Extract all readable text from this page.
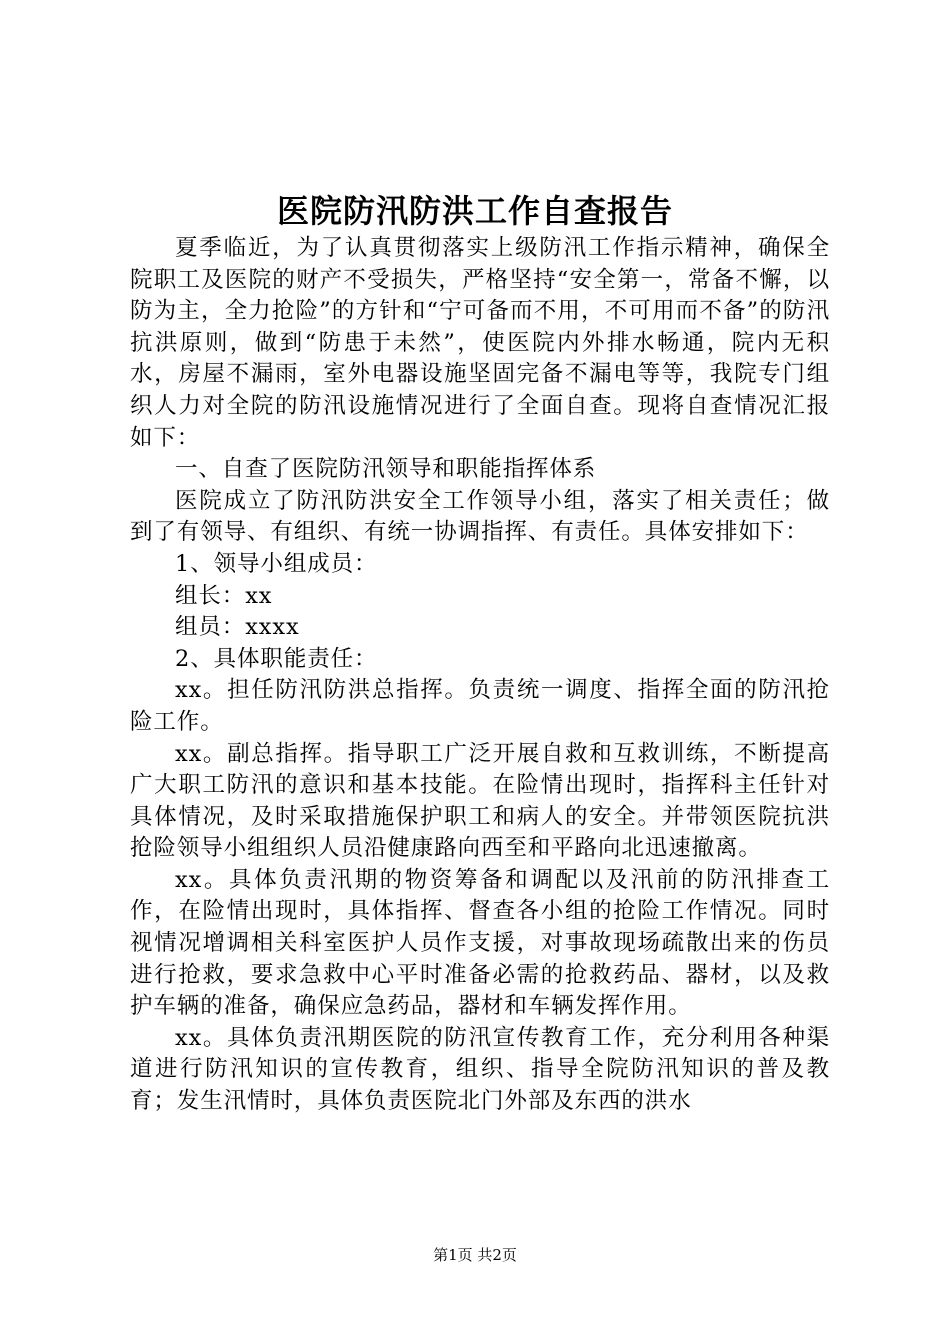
医院防汛防洪工作自查报告

夏季临近，为了认真贯彻落实上级防汛工作指示精神，确保全院职工及医院的财产不受损失，严格坚持“安全第一，常备不懈，以防为主，全力抢险”的方针和“宁可备而不用，不可用而不备”的防汛抗洪原则，做到“防患于未然”，使医院内外排水畅通，院内无积水，房屋不漏雨，室外电器设施坚固完备不漏电等等，我院专门组织人力对全院的防汛设施情况进行了全面自查。现将自查情况汇报如下：

一、自查了医院防汛领导和职能指挥体系

医院成立了防汛防洪安全工作领导小组，落实了相关责任；做到了有领导、有组织、有统一协调指挥、有责任。具体安排如下：

1、领导小组成员：

组长：xx

组员：xxxx

2、具体职能责任：

xx。担任防汛防洪总指挥。负责统一调度、指挥全面的防汛抢险工作。

xx。副总指挥。指导职工广泛开展自救和互救训练，不断提高广大职工防汛的意识和基本技能。在险情出现时，指挥科主任针对具体情况，及时采取措施保护职工和病人的安全。并带领医院抗洪抢险领导小组组织人员沿健康路向西至和平路向北迅速撤离。

xx。具体负责汛期的物资筹备和调配以及汛前的防汛排查工作，在险情出现时，具体指挥、督查各小组的抢险工作情况。同时视情况增调相关科室医护人员作支援，对事故现场疏散出来的伤员进行抢救，要求急救中心平时准备必需的抢救药品、器材，以及救护车辆的准备，确保应急药品，器材和车辆发挥作用。

xx。具体负责汛期医院的防汛宣传教育工作，充分利用各种渠道进行防汛知识的宣传教育，组织、指导全院防汛知识的普及教育；发生汛情时，具体负责医院北门外部及东西的洪水

第1页 共2页
